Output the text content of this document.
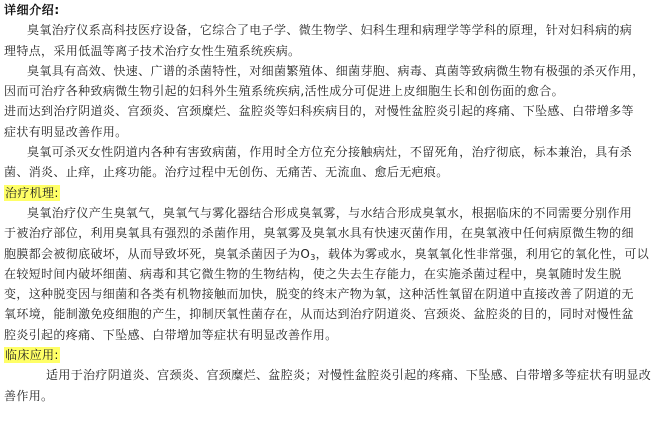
详细介绍:
臭氧治疗仪系高科技医疗设备，它综合了电子学、微生物学、妇科生理和病理学等学科的原理，针对妇科病的病
理特点，采用低温等离子技术治疗女性生殖系统疾病。
臭氧具有高效、快速、广谱的杀菌特性，对细菌繁殖体、细菌芽胞、病毒、真菌等致病微生物有极强的杀灭作用，
因而可治疗各种致病微生物引起的妇科外生殖系统疾病,活性成分可促进上皮细胞生长和创伤面的愈合。
进而达到治疗阴道炎、宫颈炎、宫颈糜烂、盆腔炎等妇科疾病目的，对慢性盆腔炎引起的疼痛、下坠感、白带增多等
症状有明显改善作用。
臭氧可杀灭女性阴道内各种有害致病菌，作用时全方位充分接触病灶，不留死角，治疗彻底，标本兼治，具有杀
菌、消炎、止痒，止疼功能。治疗过程中无创伤、无痛苦、无流血、愈后无疤痕。
治疗机理:
臭氧治疗仪产生臭氧气，臭氧气与雾化器结合形成臭氧雾，与水结合形成臭氧水，根据临床的不同需要分别作用
于被治疗部位，利用臭氧具有强烈的杀菌作用，臭氧雾及臭氧水具有快速灭菌作用，在臭氧液中任何病原微生物的细
胞膜都会被彻底破坏，从而导致坏死，臭氧杀菌因子为$O_3$，载体为雾或水，臭氧氧化性非常强，利用它的氧化性，可以
在较短时间内破坏细菌、病毒和其它微生物的生物结构，使之失去生存能力，在实施杀菌过程中，臭氧随时发生脱
变，这种脱变因与细菌和各类有机物接触而加快，脱变的终末产物为氧，这种活性氧留在阴道中直接改善了阴道的无
氧环境，能制激免疫细胞的产生，抑制厌氧性菌存在，从而达到治疗阴道炎、宫颈炎、盆腔炎的目的，同时对慢性盆
腔炎引起的疼痛、下坠感、白带增加等症状有明显改善作用。
临床应用:
适用于治疗阴道炎、宫颈炎、宫颈糜烂、盆腔炎；对慢性盆腔炎引起的疼痛、下坠感、白带增多等症状有明显改
善作用。
